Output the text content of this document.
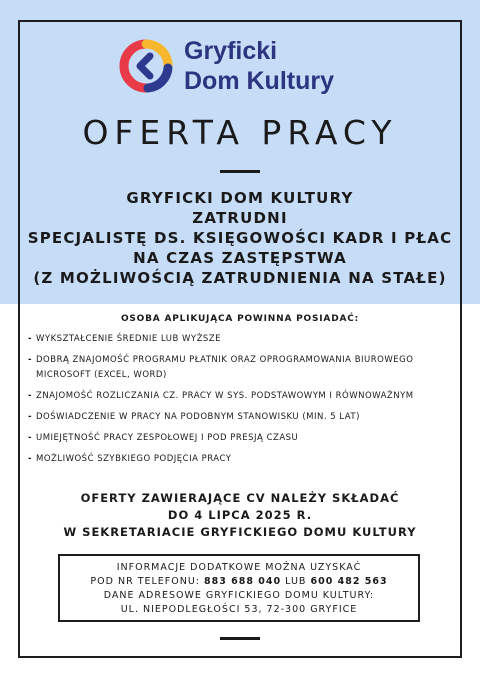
Gryficki
Dom Kultury
OFERTA PRACY
GRYFICKI DOM KULTURY
ZATRUDNI
SPECJALISTĘ DS. KSIĘGOWOŚCI KADR I PŁAC
NA CZAS ZASTĘPSTWA
(Z MOŻLIWOŚCIĄ ZATRUDNIENIA NA STAŁE)
OSOBA APLIKUJĄCA POWINNA POSIADAĆ:
- WYKSZTAŁCENIE ŚREDNIE LUB WYŻSZE
- DOBRĄ ZNAJOMOŚĆ PROGRAMU PŁATNIK ORAZ OPROGRAMOWANIA BIUROWEGO MICROSOFT (EXCEL, WORD)
- ZNAJOMOŚĆ ROZLICZANIA CZ. PRACY W SYS. PODSTAWOWYM I RÓWNOWAŻNYM
- DOŚWIADCZENIE W PRACY NA PODOBNYM STANOWISKU (MIN. 5 LAT)
- UMIEJĘTNOŚĆ PRACY ZESPOŁOWEJ I POD PRESJĄ CZASU
- MOŻLIWOŚĆ SZYBKIEGO PODJĘCIA PRACY
OFERTY ZAWIERAJĄCE CV NALEŻY SKŁADAĆ
DO 4 LIPCA 2025 R.
W SEKRETARIACIE GRYFICKIEGO DOMU KULTURY
INFORMACJE DODATKOWE MOŻNA UZYSKAĆ
POD NR TELEFONU: 883 688 040 LUB 600 482 563
DANE ADRESOWE GRYFICKIEGO DOMU KULTURY:
UL. NIEPODLEGŁOŚCI 53, 72-300 GRYFICE
